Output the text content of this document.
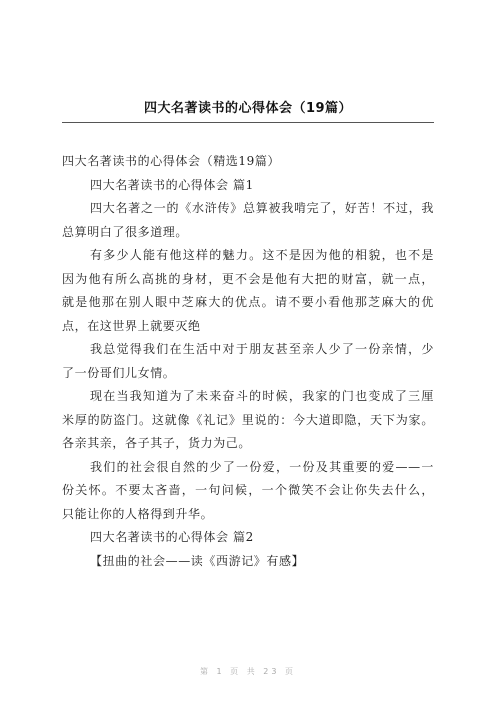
四大名著读书的心得体会（19篇）
四大名著读书的心得体会（精选19篇）
四大名著读书的心得体会 篇1
四大名著之一的《水浒传》总算被我啃完了，好苦！不过，我
总算明白了很多道理。
有多少人能有他这样的魅力。这不是因为他的相貌，也不是
因为他有所么高挑的身材，更不会是他有大把的财富，就一点，
就是他那在别人眼中芝麻大的优点。请不要小看他那芝麻大的优
点，在这世界上就要灭绝
我总觉得我们在生活中对于朋友甚至亲人少了一份亲情，少
了一份哥们儿女情。
现在当我知道为了未来奋斗的时候，我家的门也变成了三厘
米厚的防盗门。这就像《礼记》里说的：今大道即隐，天下为家。
各亲其亲，各子其子，货力为己。
我们的社会很自然的少了一份爱，一份及其重要的爱——一
份关怀。不要太吝啬，一句问候，一个微笑不会让你失去什么，
只能让你的人格得到升华。
四大名著读书的心得体会 篇2
【扭曲的社会——读《西游记》有感】
第 1 页 共 23 页
